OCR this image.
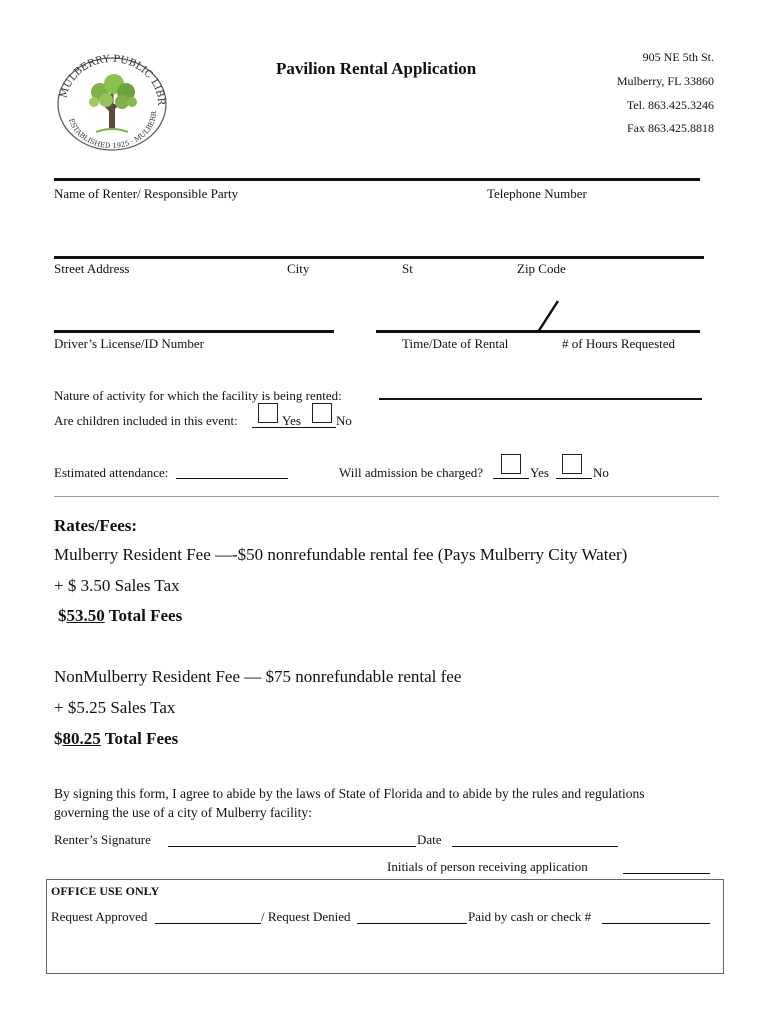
MULBERRY PUBLIC LIBR
ESTABLISHED 1925 · MULBERR
Pavilion Rental Application
905 NE 5th St.
Mulberry, FL 33860
Tel. 863.425.3246
Fax 863.425.8818
Name of Renter/ Responsible Party	Telephone Number
Street Address	City	St	Zip Code
Driver’s License/ID Number	Time/Date of Rental	# of Hours Requested
Nature of activity for which the facility is being rented:
Are children included in this event:	Yes	No
Estimated attendance:	Will admission be charged?	Yes	No
Rates/Fees:
Mulberry Resident Fee —-$50 nonrefundable rental fee (Pays Mulberry City Water)
+ $ 3.50 Sales Tax
$53.50 Total Fees
NonMulberry Resident Fee — $75 nonrefundable rental fee
+ $5.25 Sales Tax
$80.25 Total Fees
By signing this form, I agree to abide by the laws of State of Florida and to abide by the rules and regulations
governing the use of a city of Mulberry facility:
Renter’s Signature	Date
Initials of person receiving application
OFFICE USE ONLY
Request Approved	/ Request Denied	Paid by cash or check #
